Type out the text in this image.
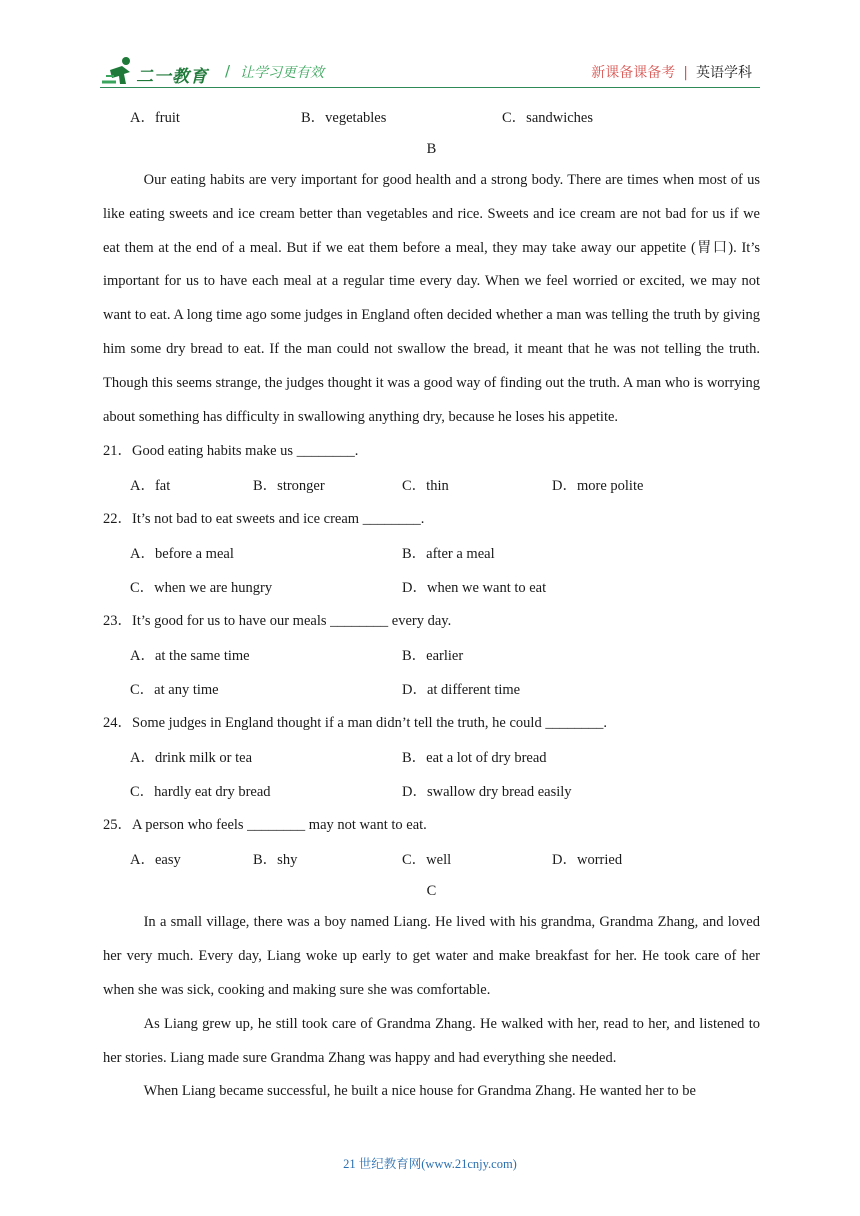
二一教育 / 让学习更有效	新课备课备考 | 英语学科
A．fruit	B．vegetables	C．sandwiches
B

Our eating habits are very important for good health and a strong body. There are times when most of us like eating sweets and ice cream better than vegetables and rice. Sweets and ice cream are not bad for us if we eat them at the end of a meal. But if we eat them before a meal, they may take away our appetite (胃口). It’s important for us to have each meal at a regular time every day. When we feel worried or excited, we may not want to eat. A long time ago some judges in England often decided whether a man was telling the truth by giving him some dry bread to eat. If the man could not swallow the bread, it meant that he was not telling the truth. Though this seems strange, the judges thought it was a good way of finding out the truth. A man who is worrying about something has difficulty in swallowing anything dry, because he loses his appetite.

21．Good eating habits make us ________.
A．fat	B．stronger	C．thin	D．more polite
22．It’s not bad to eat sweets and ice cream ________.
A．before a meal	B．after a meal
C．when we are hungry	D．when we want to eat
23．It’s good for us to have our meals ________ every day.
A．at the same time	B．earlier
C．at any time	D．at different time
24．Some judges in England thought if a man didn’t tell the truth, he could ________.
A．drink milk or tea	B．eat a lot of dry bread
C．hardly eat dry bread	D．swallow dry bread easily
25．A person who feels ________ may not want to eat.
A．easy	B．shy	C．well	D．worried
C

In a small village, there was a boy named Liang. He lived with his grandma, Grandma Zhang, and loved her very much. Every day, Liang woke up early to get water and make breakfast for her. He took care of her when she was sick, cooking and making sure she was comfortable.

As Liang grew up, he still took care of Grandma Zhang. He walked with her, read to her, and listened to her stories. Liang made sure Grandma Zhang was happy and had everything she needed.

When Liang became successful, he built a nice house for Grandma Zhang. He wanted her to be

21 世纪教育网(www.21cnjy.com)
